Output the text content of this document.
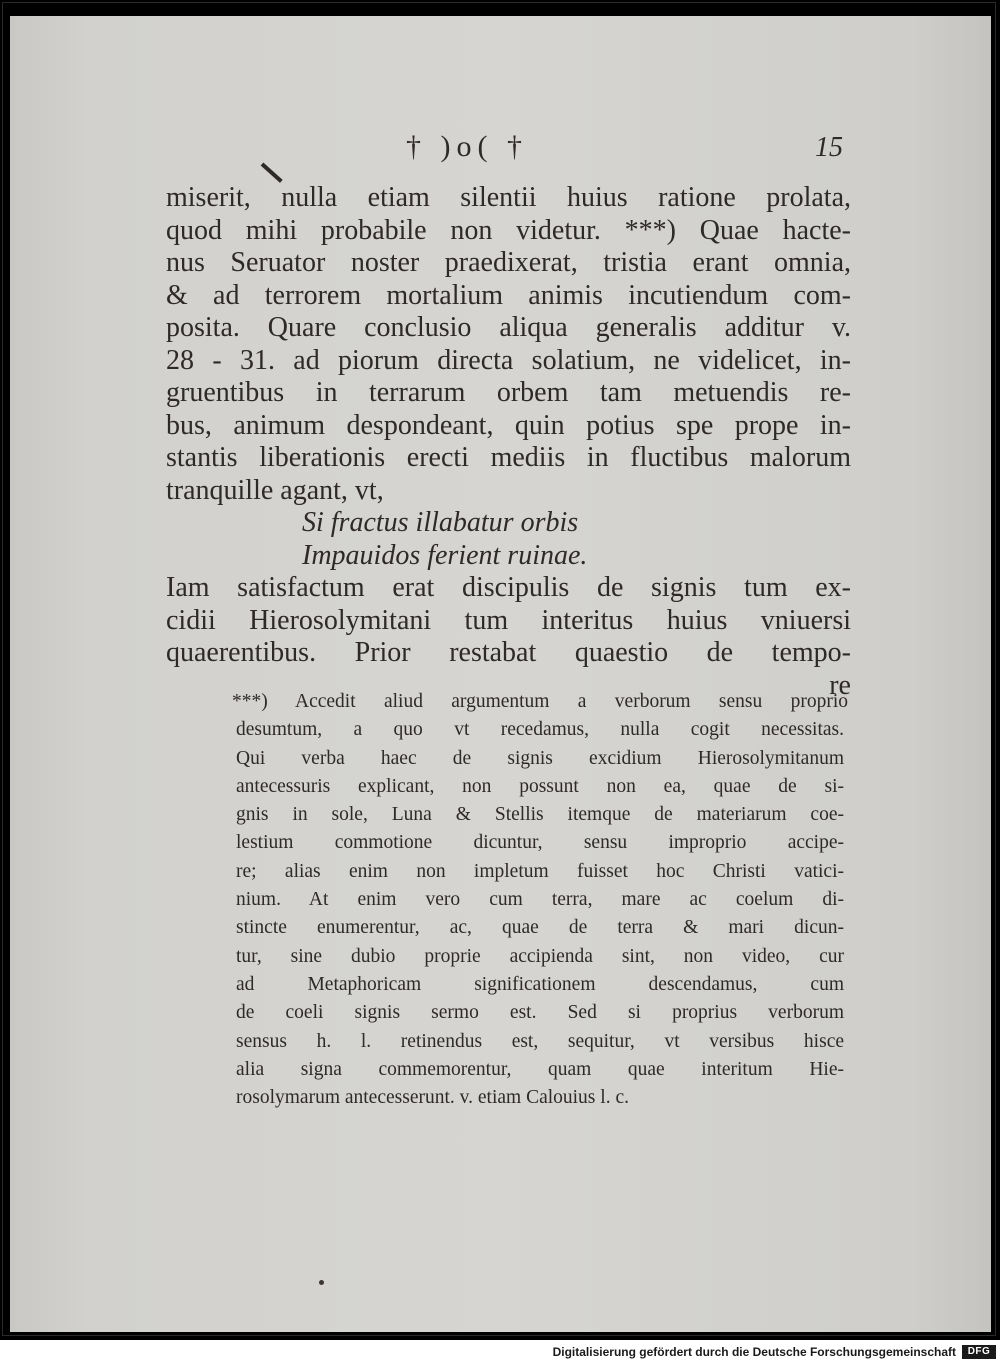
† )o( †	15
miserit, nulla etiam silentii huius ratione prolata,
quod mihi probabile non videtur. ***) Quae hacte-
nus Seruator noster praedixerat, tristia erant omnia,
& ad terrorem mortalium animis incutiendum com-
posita. Quare conclusio aliqua generalis additur v.
28 - 31. ad piorum directa solatium, ne videlicet, in-
gruentibus in terrarum orbem tam metuendis re-
bus, animum despondeant, quin potius spe prope in-
stantis liberationis erecti mediis in fluctibus malorum
tranquille agant, vt,
Si fractus illabatur orbis
Impauidos ferient ruinae.
Iam satisfactum erat discipulis de signis tum ex-
cidii Hierosolymitani tum interitus huius vniuersi
quaerentibus. Prior restabat quaestio de tempo-
re
***) Accedit aliud argumentum a verborum sensu proprio
desumtum, a quo vt recedamus, nulla cogit necessitas.
Qui verba haec de signis excidium Hierosolymitanum
antecessuris explicant, non possunt non ea, quae de si-
gnis in sole, Luna & Stellis itemque de materiarum coe-
lestium commotione dicuntur, sensu improprio accipe-
re; alias enim non impletum fuisset hoc Christi vatici-
nium. At enim vero cum terra, mare ac coelum di-
stincte enumerentur, ac, quae de terra & mari dicun-
tur, sine dubio proprie accipienda sint, non video, cur
ad Metaphoricam significationem descendamus, cum
de coeli signis sermo est. Sed si proprius verborum
sensus h. l. retinendus est, sequitur, vt versibus hisce
alia signa commemorentur, quam quae interitum Hie-
rosolymarum antecesserunt. v. etiam Calouius l. c.
Digitalisierung gefördert durch die Deutsche Forschungsgemeinschaft	DFG
